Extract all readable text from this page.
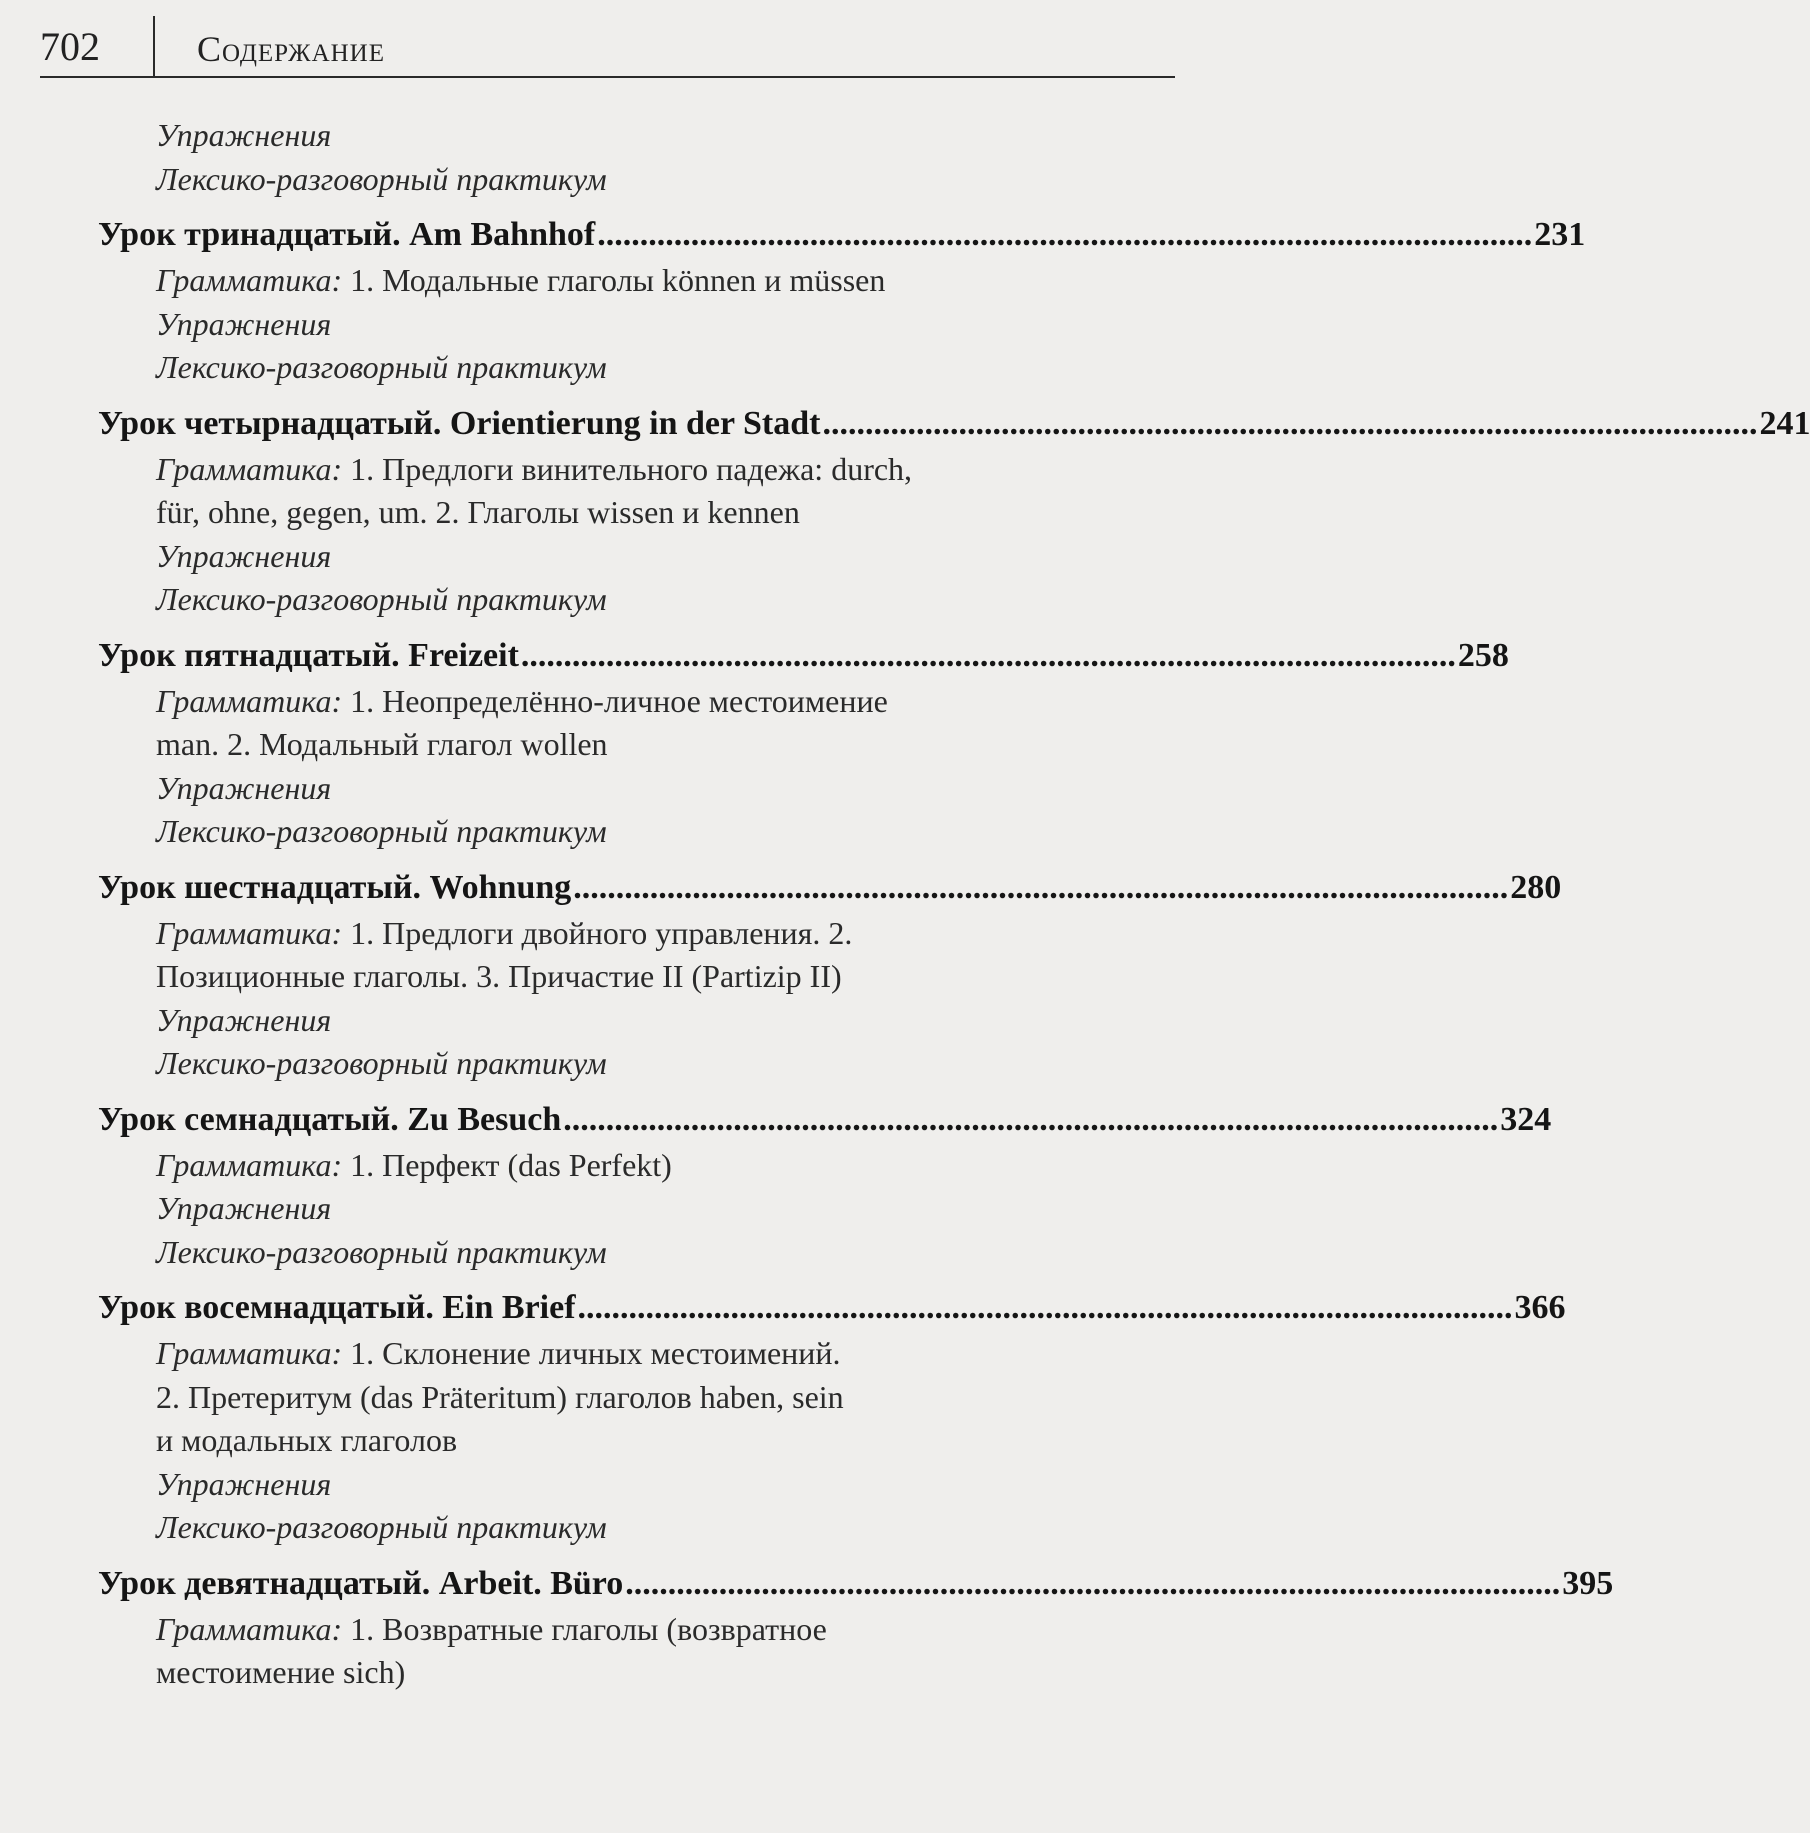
702	Содержание
Упражнения
Лексико-разговорный практикум
Урок тринадцатый. Am Bahnhof .............................................................................................................. 231
Грамматика: 1. Модальные глаголы können и müssen
Упражнения
Лексико-разговорный практикум
Урок четырнадцатый. Orientierung in der Stadt .............................................................................................................. 241
Грамматика: 1. Предлоги винительного падежа: durch,
für, ohne, gegen, um. 2. Глаголы wissen и kennen
Упражнения
Лексико-разговорный практикум
Урок пятнадцатый. Freizeit .............................................................................................................. 258
Грамматика: 1. Неопределённо-личное местоимение
man. 2. Модальный глагол wollen
Упражнения
Лексико-разговорный практикум
Урок шестнадцатый. Wohnung .............................................................................................................. 280
Грамматика: 1. Предлоги двойного управления. 2.
Позиционные глаголы. 3. Причастие II (Partizip II)
Упражнения
Лексико-разговорный практикум
Урок семнадцатый. Zu Besuch .............................................................................................................. 324
Грамматика: 1. Перфект (das Perfekt)
Упражнения
Лексико-разговорный практикум
Урок восемнадцатый. Ein Brief .............................................................................................................. 366
Грамматика: 1. Склонение личных местоимений.
2. Претеритум (das Präteritum) глаголов haben, sein
и модальных глаголов
Упражнения
Лексико-разговорный практикум
Урок девятнадцатый. Arbeit. Büro .............................................................................................................. 395
Грамматика: 1. Возвратные глаголы (возвратное
местоимение sich)
